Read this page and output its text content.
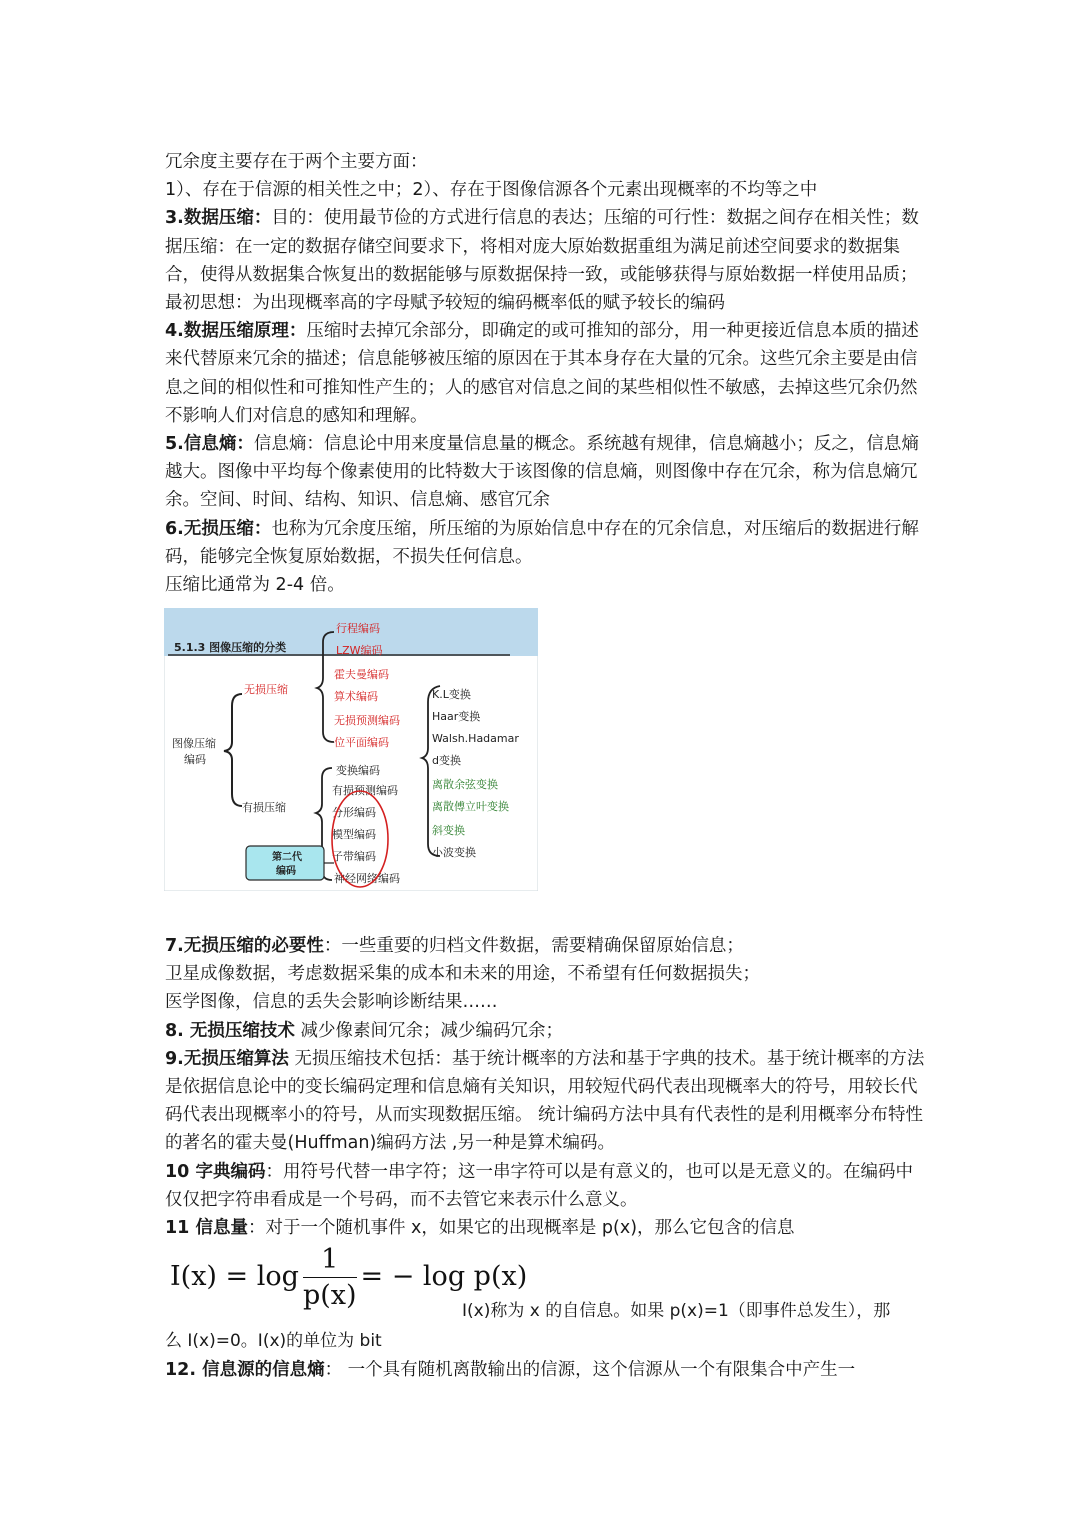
冗余度主要存在于两个主要方面：

1）、存在于信源的相关性之中；2）、存在于图像信源各个元素出现概率的不均等之中

3.数据压缩：目的：使用最节俭的方式进行信息的表达；压缩的可行性：数据之间存在相关性；数据压缩：在一定的数据存储空间要求下，将相对庞大原始数据重组为满足前述空间要求的数据集合，使得从数据集合恢复出的数据能够与原数据保持一致，或能够获得与原始数据一样使用品质；最初思想：为出现概率高的字母赋予较短的编码概率低的赋予较长的编码

4.数据压缩原理：压缩时去掉冗余部分，即确定的或可推知的部分，用一种更接近信息本质的描述来代替原来冗余的描述；信息能够被压缩的原因在于其本身存在大量的冗余。这些冗余主要是由信息之间的相似性和可推知性产生的；人的感官对信息之间的某些相似性不敏感，去掉这些冗余仍然不影响人们对信息的感知和理解。

5.信息熵：信息熵：信息论中用来度量信息量的概念。系统越有规律，信息熵越小；反之，信息熵越大。图像中平均每个像素使用的比特数大于该图像的信息熵，则图像中存在冗余，称为信息熵冗余。空间、时间、结构、知识、信息熵、感官冗余

6.无损压缩：也称为冗余度压缩，所压缩的为原始信息中存在的冗余信息，对压缩后的数据进行解码，能够完全恢复原始数据，不损失任何信息。

压缩比通常为 2-4 倍。

5.1.3 图像压缩的分类
图像压缩
编码
无损压缩
有损压缩
行程编码
LZW编码
霍夫曼编码
算术编码
无损预测编码
位平面编码
变换编码
有损预测编码
分形编码
模型编码
子带编码
神经网络编码
K.L变换
Haar变换
Walsh.Hadamar
d变换
离散余弦变换
离散傅立叶变换
斜变换
小波变换
第二代
编码

7.无损压缩的必要性：一些重要的归档文件数据，需要精确保留原始信息；

卫星成像数据，考虑数据采集的成本和未来的用途，不希望有任何数据损失；

医学图像，信息的丢失会影响诊断结果……

8. 无损压缩技术 减少像素间冗余；减少编码冗余；

9.无损压缩算法 无损压缩技术包括：基于统计概率的方法和基于字典的技术。基于统计概率的方法是依据信息论中的变长编码定理和信息熵有关知识，用较短代码代表出现概率大的符号，用较长代码代表出现概率小的符号，从而实现数据压缩。 统计编码方法中具有代表性的是利用概率分布特性的著名的霍夫曼(Huffman)编码方法 ,另一种是算术编码。

10 字典编码：用符号代替一串字符；这一串字符可以是有意义的，也可以是无意义的。在编码中仅仅把字符串看成是一个号码，而不去管它来表示什么意义。

11 信息量：对于一个随机事件 x，如果它的出现概率是 p(x)，那么它包含的信息

$I(x) = \log \frac{1}{p(x)}$ = − log p(x)
I(x)称为 x 的自信息。如果 p(x)=1（即事件总发生），那
么 I(x)=0。I(x)的单位为 bit
12. 信息源的信息熵： 一个具有随机离散输出的信源，这个信源从一个有限集合中产生一
